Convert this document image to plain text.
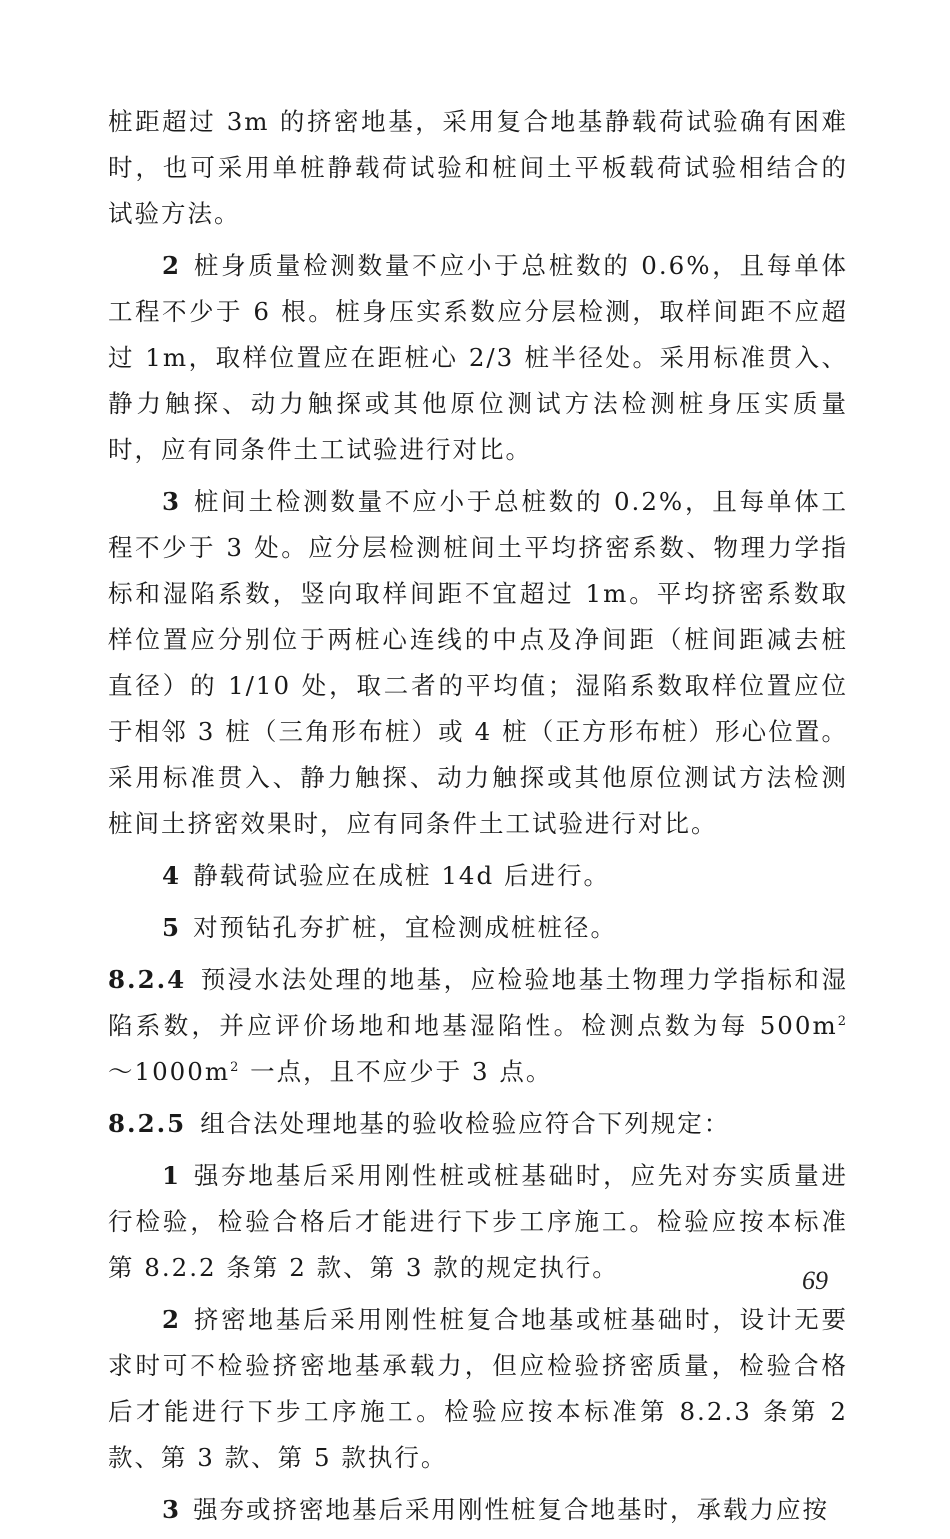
桩距超过 3m 的挤密地基，采用复合地基静载荷试验确有困难时，也可采用单桩静载荷试验和桩间土平板载荷试验相结合的试验方法。

2 桩身质量检测数量不应小于总桩数的 0.6%，且每单体工程不少于 6 根。桩身压实系数应分层检测，取样间距不应超过 1m，取样位置应在距桩心 2/3 桩半径处。采用标准贯入、静力触探、动力触探或其他原位测试方法检测桩身压实质量时，应有同条件土工试验进行对比。

3 桩间土检测数量不应小于总桩数的 0.2%，且每单体工程不少于 3 处。应分层检测桩间土平均挤密系数、物理力学指标和湿陷系数，竖向取样间距不宜超过 1m。平均挤密系数取样位置应分别位于两桩心连线的中点及净间距（桩间距减去桩直径）的 1/10 处，取二者的平均值；湿陷系数取样位置应位于相邻 3 桩（三角形布桩）或 4 桩（正方形布桩）形心位置。采用标准贯入、静力触探、动力触探或其他原位测试方法检测桩间土挤密效果时，应有同条件土工试验进行对比。

4 静载荷试验应在成桩 14d 后进行。

5 对预钻孔夯扩桩，宜检测成桩桩径。

8.2.4 预浸水法处理的地基，应检验地基土物理力学指标和湿陷系数，并应评价场地和地基湿陷性。检测点数为每 $500m^2$ $\sim 1000m^2$ 一点，且不应少于 3 点。

8.2.5 组合法处理地基的验收检验应符合下列规定：

1 强夯地基后采用刚性桩或桩基础时，应先对夯实质量进行检验，检验合格后才能进行下步工序施工。检验应按本标准第 8.2.2 条第 2 款、第 3 款的规定执行。

2 挤密地基后采用刚性桩复合地基或桩基础时，设计无要求时可不检验挤密地基承载力，但应检验挤密质量，检验合格后才能进行下步工序施工。检验应按本标准第 8.2.3 条第 2 款、第 3 款、第 5 款执行。

3 强夯或挤密地基后采用刚性桩复合地基时，承载力应按

69
